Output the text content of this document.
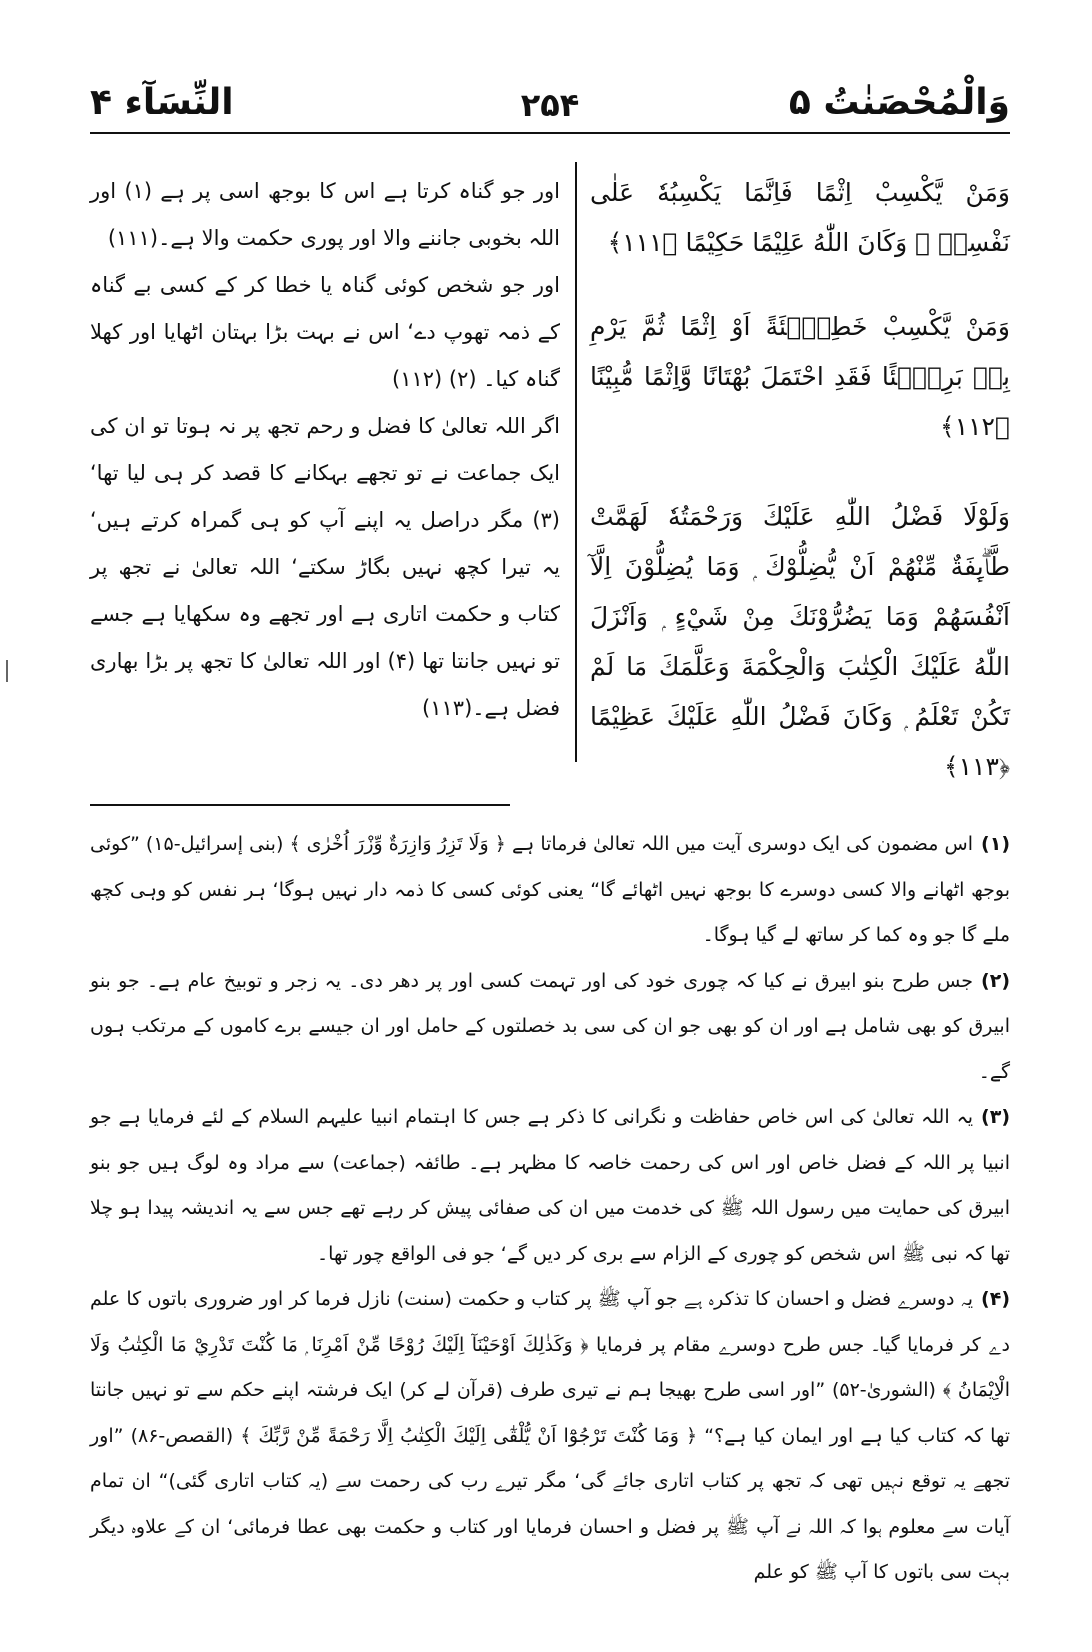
وَالْمُحْصَنٰتُ ۵
۲۵۴
النِّسَآء ۴

وَمَنْ يَّكْسِبْ اِثْمًا فَاِنَّمَا يَكْسِبُهٗ عَلٰى نَفْسِهٖ ۭ وَكَانَ اللّٰهُ عَلِيْمًا حَكِيْمًا ﴿۱۱۱﴾

وَمَنْ يَّكْسِبْ خَطِيْۗئَةً اَوْ اِثْمًا ثُمَّ يَرْمِ بِهٖ بَرِيْۗئًا فَقَدِ احْتَمَلَ بُهْتَانًا وَّاِثْمًا مُّبِيْنًا ﴿۱۱۲﴾

وَلَوْلَا فَضْلُ اللّٰهِ عَلَيْكَ وَرَحْمَتُهٗ لَهَمَّتْ طَّاۗىِٕفَةٌ مِّنْھُمْ اَنْ يُّضِلُّوْكَ ۭ وَمَا يُضِلُّوْنَ اِلَّآ اَنْفُسَھُمْ وَمَا يَضُرُّوْنَكَ مِنْ شَيْءٍ ۭ وَاَنْزَلَ اللّٰهُ عَلَيْكَ الْكِتٰبَ وَالْحِكْمَةَ وَعَلَّمَكَ مَا لَمْ تَكُنْ تَعْلَمُ ۭ وَكَانَ فَضْلُ اللّٰهِ عَلَيْكَ عَظِيْمًا ﴿۱۱۳﴾

اور جو گناہ کرتا ہے اس کا بوجھ اسی پر ہے (۱) اور اللہ بخوبی جاننے والا اور پوری حکمت والا ہے۔(۱۱۱)

اور جو شخص کوئی گناہ یا خطا کر کے کسی بے گناہ کے ذمہ تھوپ دے‘ اس نے بہت بڑا بہتان اٹھایا اور کھلا گناہ کیا۔ (۲) (۱۱۲)

اگر اللہ تعالیٰ کا فضل و رحم تجھ پر نہ ہوتا تو ان کی ایک جماعت نے تو تجھے بہکانے کا قصد کر ہی لیا تھا‘ (۳) مگر دراصل یہ اپنے آپ کو ہی گمراہ کرتے ہیں‘ یہ تیرا کچھ نہیں بگاڑ سکتے‘ اللہ تعالیٰ نے تجھ پر کتاب و حکمت اتاری ہے اور تجھے وہ سکھایا ہے جسے تو نہیں جانتا تھا (۴) اور اللہ تعالیٰ کا تجھ پر بڑا بھاری فضل ہے۔(۱۱۳)

(۱)اس مضمون کی ایک دوسری آیت میں اللہ تعالیٰ فرماتا ہے ﴿ وَلَا تَزِرُ وَازِرَةٌ وِّزْرَ اُخْرٰى ﴾ (بنی إسرائیل-۱۵) ”کوئی بوجھ اٹھانے والا کسی دوسرے کا بوجھ نہیں اٹھائے گا“ یعنی کوئی کسی کا ذمہ دار نہیں ہوگا‘ ہر نفس کو وہی کچھ ملے گا جو وہ کما کر ساتھ لے گیا ہوگا۔

(۲)جس طرح بنو ابیرق نے کیا کہ چوری خود کی اور تہمت کسی اور پر دھر دی۔ یہ زجر و توبیخ عام ہے۔ جو بنو ابیرق کو بھی شامل ہے اور ان کو بھی جو ان کی سی بد خصلتوں کے حامل اور ان جیسے برے کاموں کے مرتکب ہوں گے۔

(۳)یہ اللہ تعالیٰ کی اس خاص حفاظت و نگرانی کا ذکر ہے جس کا اہتمام انبیا علیہم السلام کے لئے فرمایا ہے جو انبیا پر اللہ کے فضل خاص اور اس کی رحمت خاصہ کا مظہر ہے۔ طائفہ (جماعت) سے مراد وہ لوگ ہیں جو بنو ابیرق کی حمایت میں رسول اللہ ﷺ کی خدمت میں ان کی صفائی پیش کر رہے تھے جس سے یہ اندیشہ پیدا ہو چلا تھا کہ نبی ﷺ اس شخص کو چوری کے الزام سے بری کر دیں گے‘ جو فی الواقع چور تھا۔

(۴)یہ دوسرے فضل و احسان کا تذکرہ ہے جو آپ ﷺ پر کتاب و حکمت (سنت) نازل فرما کر اور ضروری باتوں کا علم دے کر فرمایا گیا۔ جس طرح دوسرے مقام پر فرمایا ﴿ وَكَذٰلِكَ اَوْحَيْنَآ اِلَيْكَ رُوْحًا مِّنْ اَمْرِنَا ۭ مَا كُنْتَ تَدْرِيْ مَا الْكِتٰبُ وَلَا الْاِيْمَانُ ﴾ (الشوریٰ-۵۲) ”اور اسی طرح بھیجا ہم نے تیری طرف (قرآن لے کر) ایک فرشتہ اپنے حکم سے تو نہیں جانتا تھا کہ کتاب کیا ہے اور ایمان کیا ہے؟“ ﴿ وَمَا كُنْتَ تَرْجُوْٓا اَنْ يُّلْقٰٓى اِلَيْكَ الْكِتٰبُ اِلَّا رَحْمَةً مِّنْ رَّبِّكَ ﴾ (القصص-۸۶) ”اور تجھے یہ توقع نہیں تھی کہ تجھ پر کتاب اتاری جائے گی‘ مگر تیرے رب کی رحمت سے (یہ کتاب اتاری گئی)“ ان تمام آیات سے معلوم ہوا کہ اللہ نے آپ ﷺ پر فضل و احسان فرمایا اور کتاب و حکمت بھی عطا فرمائی‘ ان کے علاوہ دیگر بہت سی باتوں کا آپ ﷺ کو علم
